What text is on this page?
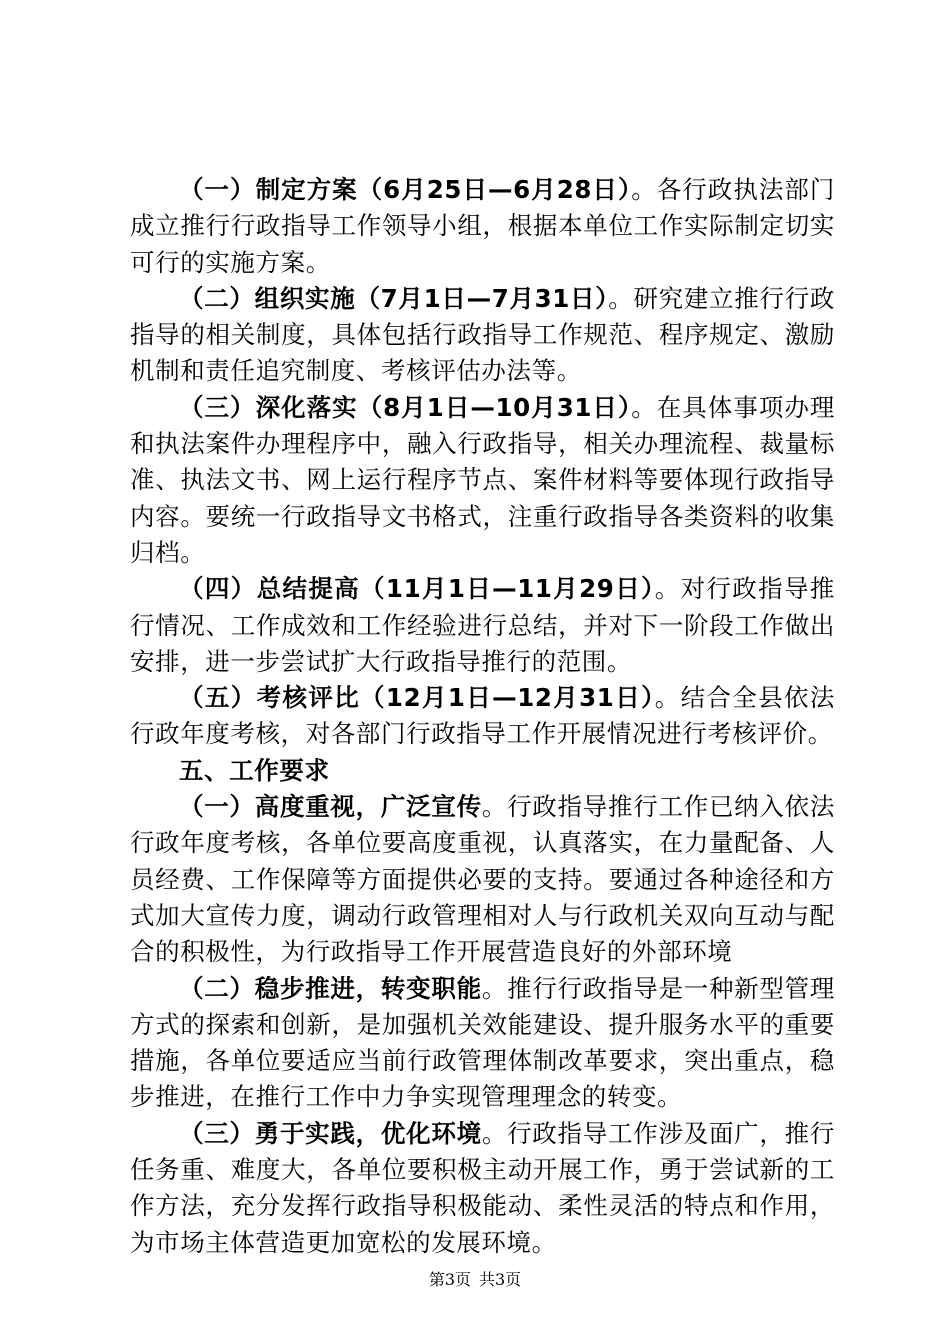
（一）制定方案（6月25日—6月28日）。各行政执法部门成立推行行政指导工作领导小组，根据本单位工作实际制定切实可行的实施方案。

（二）组织实施（7月1日—7月31日）。研究建立推行行政指导的相关制度，具体包括行政指导工作规范、程序规定、激励机制和责任追究制度、考核评估办法等。

（三）深化落实（8月1日—10月31日）。在具体事项办理和执法案件办理程序中，融入行政指导，相关办理流程、裁量标准、执法文书、网上运行程序节点、案件材料等要体现行政指导内容。要统一行政指导文书格式，注重行政指导各类资料的收集归档。

（四）总结提高（11月1日—11月29日）。对行政指导推行情况、工作成效和工作经验进行总结，并对下一阶段工作做出安排，进一步尝试扩大行政指导推行的范围。

（五）考核评比（12月1日—12月31日）。结合全县依法行政年度考核，对各部门行政指导工作开展情况进行考核评价。

五、工作要求

（一）高度重视，广泛宣传。行政指导推行工作已纳入依法行政年度考核，各单位要高度重视，认真落实，在力量配备、人员经费、工作保障等方面提供必要的支持。要通过各种途径和方式加大宣传力度，调动行政管理相对人与行政机关双向互动与配合的积极性，为行政指导工作开展营造良好的外部环境

（二）稳步推进，转变职能。推行行政指导是一种新型管理方式的探索和创新，是加强机关效能建设、提升服务水平的重要措施，各单位要适应当前行政管理体制改革要求，突出重点，稳步推进，在推行工作中力争实现管理理念的转变。

（三）勇于实践，优化环境。行政指导工作涉及面广，推行任务重、难度大，各单位要积极主动开展工作，勇于尝试新的工作方法，充分发挥行政指导积极能动、柔性灵活的特点和作用，为市场主体营造更加宽松的发展环境。

第3页 共3页
